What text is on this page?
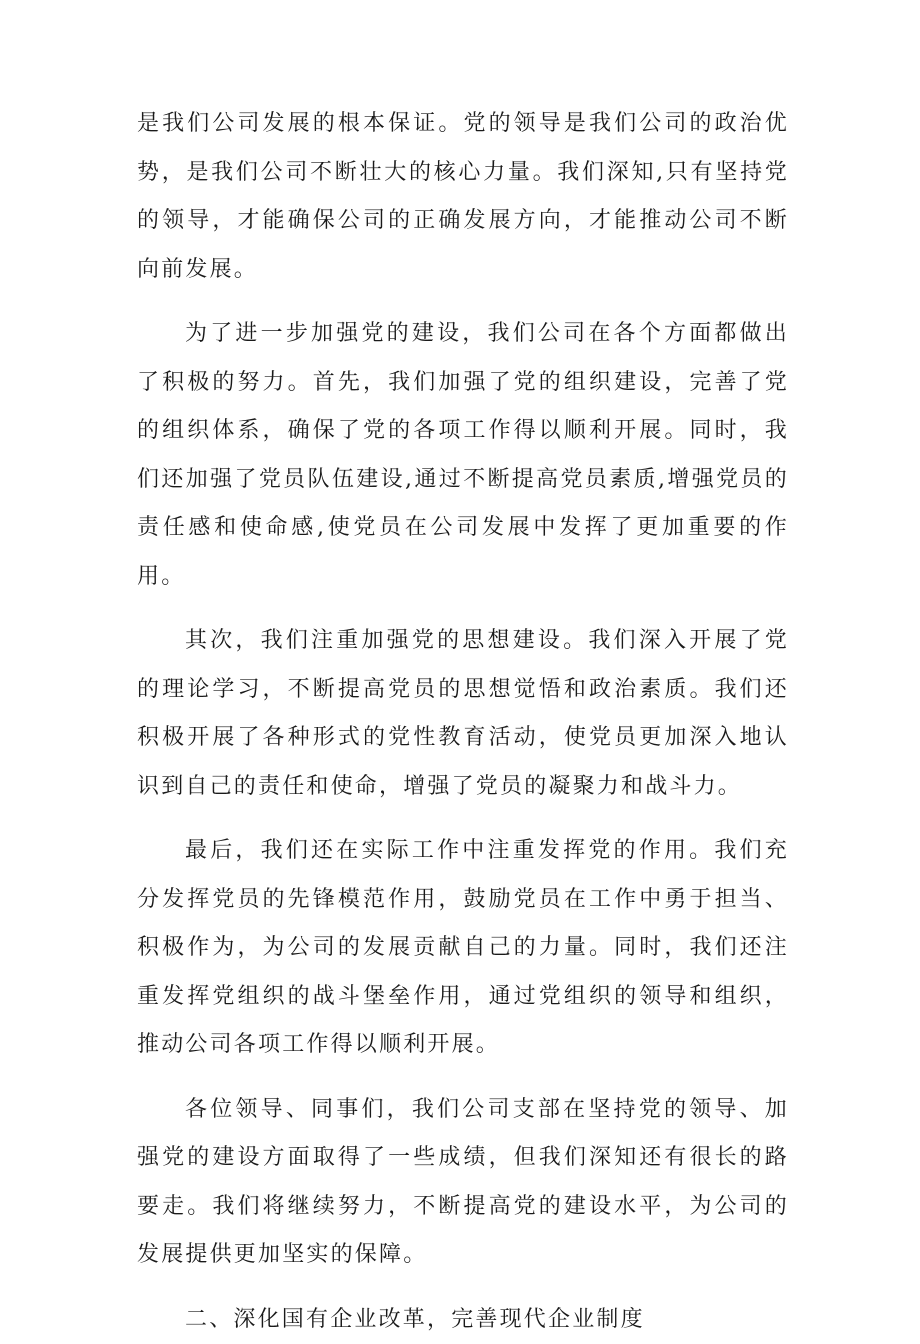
是我们公司发展的根本保证。党的领导是我们公司的政治优势，是我们公司不断壮大的核心力量。我们深知,只有坚持党的领导，才能确保公司的正确发展方向，才能推动公司不断向前发展。

为了进一步加强党的建设，我们公司在各个方面都做出了积极的努力。首先，我们加强了党的组织建设，完善了党的组织体系，确保了党的各项工作得以顺利开展。同时，我们还加强了党员队伍建设,通过不断提高党员素质,增强党员的责任感和使命感,使党员在公司发展中发挥了更加重要的作用。

其次，我们注重加强党的思想建设。我们深入开展了党的理论学习，不断提高党员的思想觉悟和政治素质。我们还积极开展了各种形式的党性教育活动，使党员更加深入地认识到自己的责任和使命，增强了党员的凝聚力和战斗力。

最后，我们还在实际工作中注重发挥党的作用。我们充分发挥党员的先锋模范作用，鼓励党员在工作中勇于担当、积极作为，为公司的发展贡献自己的力量。同时，我们还注重发挥党组织的战斗堡垒作用，通过党组织的领导和组织，推动公司各项工作得以顺利开展。

各位领导、同事们，我们公司支部在坚持党的领导、加强党的建设方面取得了一些成绩，但我们深知还有很长的路要走。我们将继续努力，不断提高党的建设水平，为公司的发展提供更加坚实的保障。

二、深化国有企业改革，完善现代企业制度
